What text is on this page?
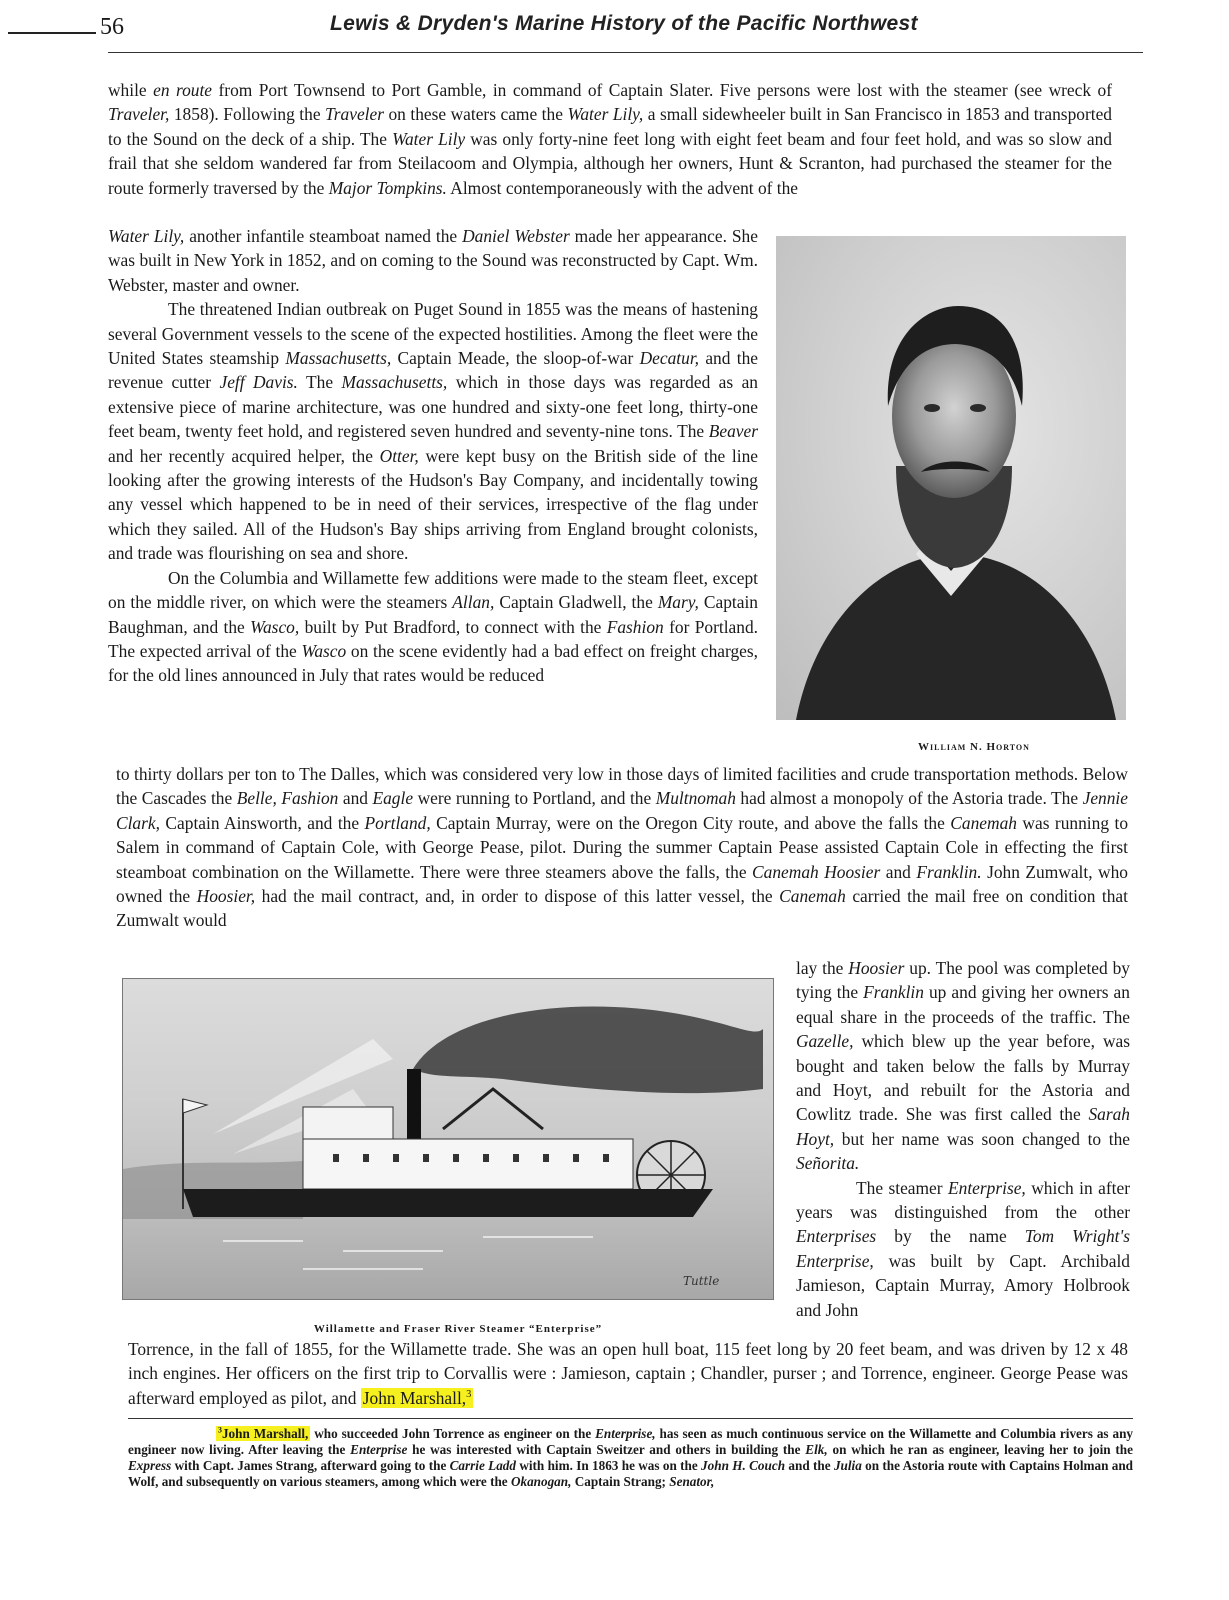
56	Lewis & Dryden's Marine History of the Pacific Northwest
while en route from Port Townsend to Port Gamble, in command of Captain Slater. Five persons were lost with the steamer (see wreck of Traveler, 1858). Following the Traveler on these waters came the Water Lily, a small sidewheeler built in San Francisco in 1853 and transported to the Sound on the deck of a ship. The Water Lily was only forty-nine feet long with eight feet beam and four feet hold, and was so slow and frail that she seldom wandered far from Steilacoom and Olympia, although her owners, Hunt & Scranton, had purchased the steamer for the route formerly traversed by the Major Tompkins. Almost contemporaneously with the advent of the

Water Lily, another infantile steamboat named the Daniel Webster made her appearance. She was built in New York in 1852, and on coming to the Sound was reconstructed by Capt. Wm. Webster, master and owner.

The threatened Indian outbreak on Puget Sound in 1855 was the means of hastening several Government vessels to the scene of the expected hostilities. Among the fleet were the United States steamship Massachusetts, Captain Meade, the sloop-of-war Decatur, and the revenue cutter Jeff Davis. The Massachusetts, which in those days was regarded as an extensive piece of marine architecture, was one hundred and sixty-one feet long, thirty-one feet beam, twenty feet hold, and registered seven hundred and seventy-nine tons. The Beaver and her recently acquired helper, the Otter, were kept busy on the British side of the line looking after the growing interests of the Hudson's Bay Company, and incidentally towing any vessel which happened to be in need of their services, irrespective of the flag under which they sailed. All of the Hudson's Bay ships arriving from England brought colonists, and trade was flourishing on sea and shore.

On the Columbia and Willamette few additions were made to the steam fleet, except on the middle river, on which were the steamers Allan, Captain Gladwell, the Mary, Captain Baughman, and the Wasco, built by Put Bradford, to connect with the Fashion for Portland. The expected arrival of the Wasco on the scene evidently had a bad effect on freight charges, for the old lines announced in July that rates would be reduced

William N. Horton
to thirty dollars per ton to The Dalles, which was considered very low in those days of limited facilities and crude transportation methods. Below the Cascades the Belle, Fashion and Eagle were running to Portland, and the Multnomah had almost a monopoly of the Astoria trade. The Jennie Clark, Captain Ainsworth, and the Portland, Captain Murray, were on the Oregon City route, and above the falls the Canemah was running to Salem in command of Captain Cole, with George Pease, pilot. During the summer Captain Pease assisted Captain Cole in effecting the first steamboat combination on the Willamette. There were three steamers above the falls, the Canemah Hoosier and Franklin. John Zumwalt, who owned the Hoosier, had the mail contract, and, in order to dispose of this latter vessel, the Canemah carried the mail free on condition that Zumwalt would
Tuttle
Willamette and Fraser River Steamer “Enterprise”

lay the Hoosier up. The pool was completed by tying the Franklin up and giving her owners an equal share in the proceeds of the traffic. The Gazelle, which blew up the year before, was bought and taken below the falls by Murray and Hoyt, and rebuilt for the Astoria and Cowlitz trade. She was first called the Sarah Hoyt, but her name was soon changed to the Señorita.

The steamer Enterprise, which in after years was distinguished from the other Enterprises by the name Tom Wright's Enterprise, was built by Capt. Archibald Jamieson, Captain Murray, Amory Holbrook and John

Torrence, in the fall of 1855, for the Willamette trade. She was an open hull boat, 115 feet long by 20 feet beam, and was driven by 12 x 48 inch engines. Her officers on the first trip to Corvallis were : Jamieson, captain ; Chandler, purser ; and Torrence, engineer. George Pease was afterward employed as pilot, and John Marshall,$^3$

$^3$John Marshall, who succeeded John Torrence as engineer on the Enterprise, has seen as much continuous service on the Willamette and Columbia rivers as any engineer now living. After leaving the Enterprise he was interested with Captain Sweitzer and others in building the Elk, on which he ran as engineer, leaving her to join the Express with Capt. James Strang, afterward going to the Carrie Ladd with him. In 1863 he was on the John H. Couch and the Julia on the Astoria route with Captains Holman and Wolf, and subsequently on various steamers, among which were the Okanogan, Captain Strang; Senator,
